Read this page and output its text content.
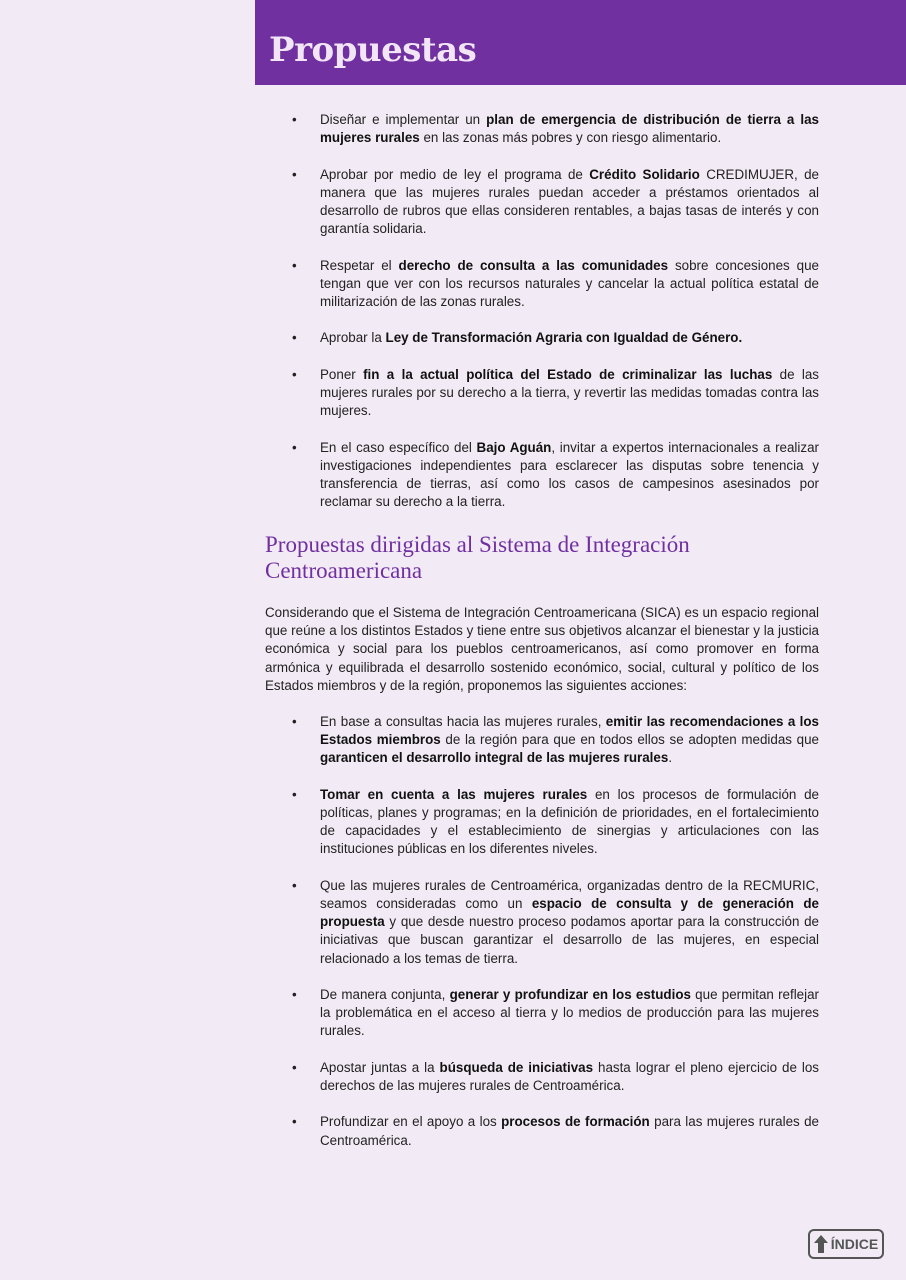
Propuestas
• Diseñar e implementar un plan de emergencia de distribución de tierra a las mujeres rurales en las zonas más pobres y con riesgo alimentario.
• Aprobar por medio de ley el programa de Crédito Solidario CREDIMUJER, de manera que las mujeres rurales puedan acceder a préstamos orientados al desarrollo de rubros que ellas consideren rentables, a bajas tasas de interés y con garantía solidaria.
• Respetar el derecho de consulta a las comunidades sobre concesiones que tengan que ver con los recursos naturales y cancelar la actual política estatal de militarización de las zonas rurales.
• Aprobar la Ley de Transformación Agraria con Igualdad de Género.
• Poner fin a la actual política del Estado de criminalizar las luchas de las mujeres rurales por su derecho a la tierra, y revertir las medidas tomadas contra las mujeres.
• En el caso específico del Bajo Aguán, invitar a expertos internacionales a realizar investigaciones independientes para esclarecer las disputas sobre tenencia y transferencia de tierras, así como los casos de campesinos asesinados por reclamar su derecho a la tierra.
Propuestas dirigidas al Sistema de Integración Centroamericana

Considerando que el Sistema de Integración Centroamericana (SICA) es un espacio regional que reúne a los distintos Estados y tiene entre sus objetivos alcanzar el bienestar y la justicia económica y social para los pueblos centroamericanos, así como promover en forma armónica y equilibrada el desarrollo sostenido económico, social, cultural y político de los Estados miembros y de la región, proponemos las siguientes acciones:

• En base a consultas hacia las mujeres rurales, emitir las recomendaciones a los Estados miembros de la región para que en todos ellos se adopten medidas que garanticen el desarrollo integral de las mujeres rurales.
• Tomar en cuenta a las mujeres rurales en los procesos de formulación de políticas, planes y programas; en la definición de prioridades, en el fortalecimiento de capacidades y el establecimiento de sinergias y articulaciones con las instituciones públicas en los diferentes niveles.
• Que las mujeres rurales de Centroamérica, organizadas dentro de la RECMURIC, seamos consideradas como un espacio de consulta y de generación de propuesta y que desde nuestro proceso podamos aportar para la construcción de iniciativas que buscan garantizar el desarrollo de las mujeres, en especial relacionado a los temas de tierra.
• De manera conjunta, generar y profundizar en los estudios que permitan reflejar la problemática en el acceso al tierra y lo medios de producción para las mujeres rurales.
• Apostar juntas a la búsqueda de iniciativas hasta lograr el pleno ejercicio de los derechos de las mujeres rurales de Centroamérica.
• Profundizar en el apoyo a los procesos de formación para las mujeres rurales de Centroamérica.
ÍNDICE
